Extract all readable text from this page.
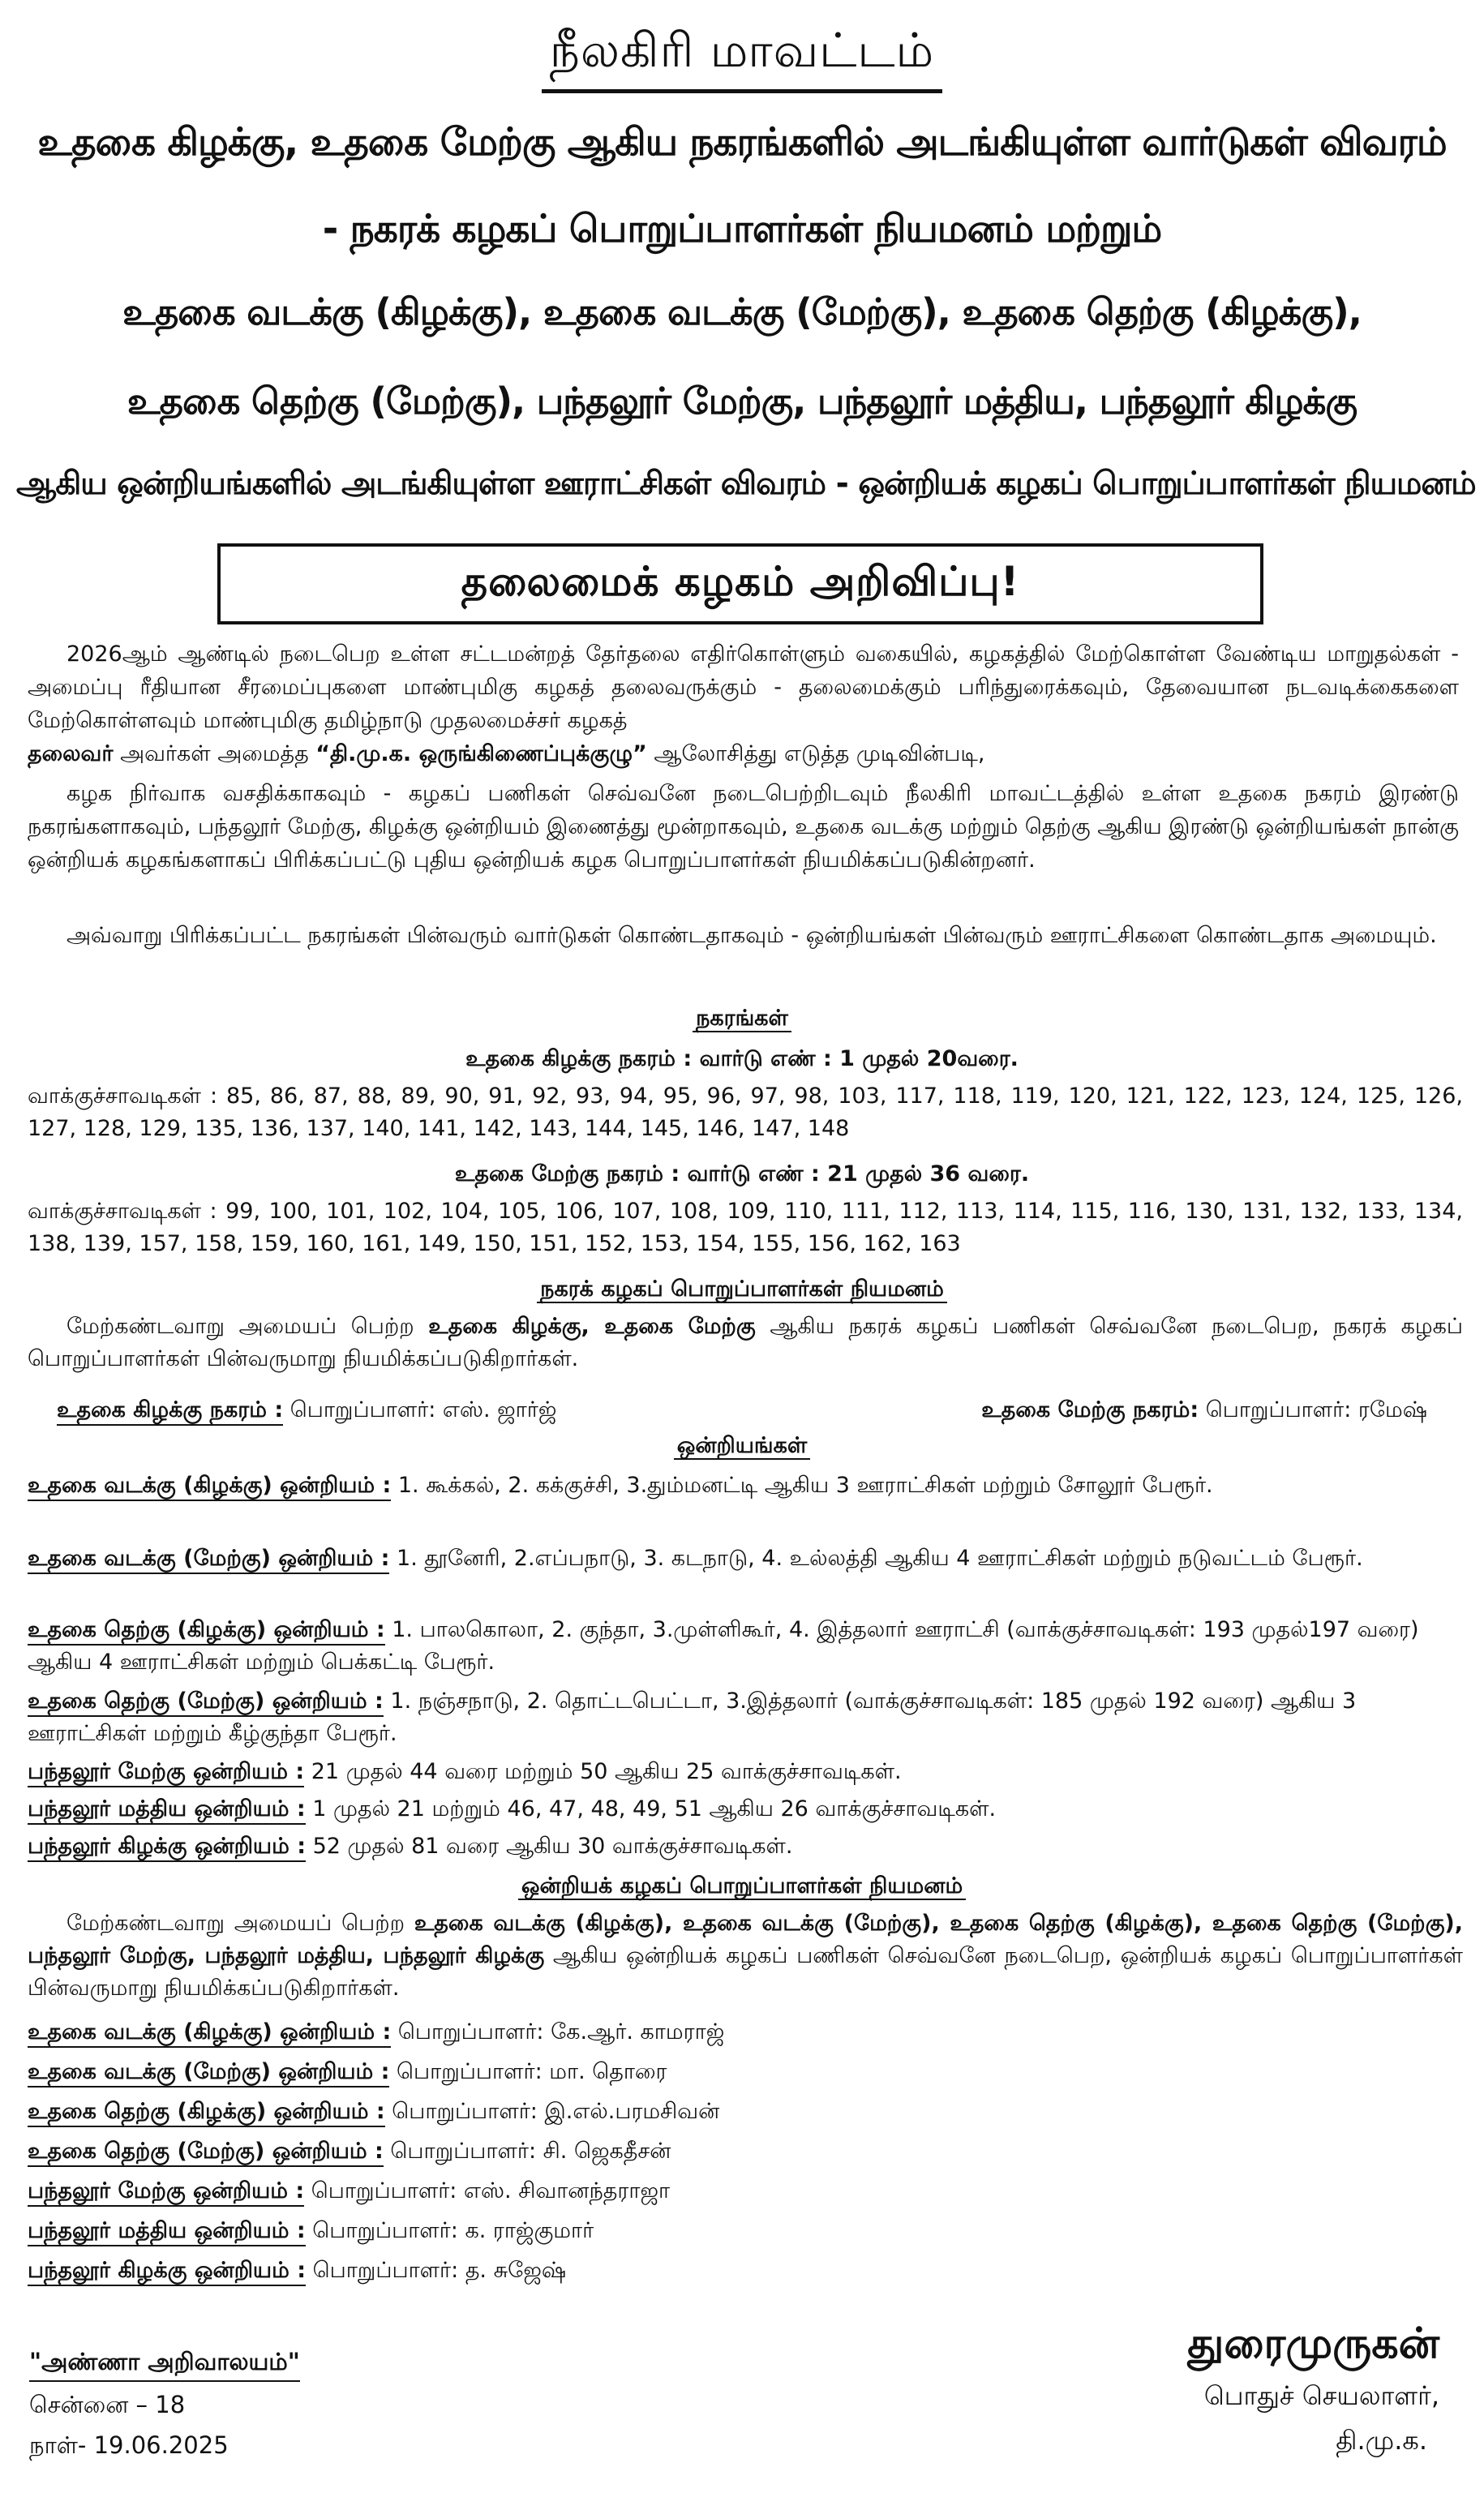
நீலகிரி மாவட்டம்
உதகை கிழக்கு, உதகை மேற்கு ஆகிய நகரங்களில் அடங்கியுள்ள வார்டுகள் விவரம்
- நகரக் கழகப் பொறுப்பாளர்கள் நியமனம் மற்றும்
உதகை வடக்கு (கிழக்கு), உதகை வடக்கு (மேற்கு), உதகை தெற்கு (கிழக்கு),
உதகை தெற்கு (மேற்கு), பந்தலூர் மேற்கு, பந்தலூர் மத்திய, பந்தலூர் கிழக்கு
ஆகிய ஒன்றியங்களில் அடங்கியுள்ள ஊராட்சிகள் விவரம் - ஒன்றியக் கழகப் பொறுப்பாளர்கள் நியமனம்
தலைமைக் கழகம் அறிவிப்பு!
2026ஆம் ஆண்டில் நடைபெற உள்ள சட்டமன்றத் தேர்தலை எதிர்கொள்ளும் வகையில், கழகத்தில் மேற்கொள்ள வேண்டிய மாறுதல்கள் - அமைப்பு ரீதியான சீரமைப்புகளை மாண்புமிகு கழகத் தலைவருக்கும் - தலைமைக்கும் பரிந்துரைக்கவும், தேவையான நடவடிக்கைகளை மேற்கொள்ளவும் மாண்புமிகு தமிழ்நாடு முதலமைச்சர் கழகத்
தலைவர் அவர்கள் அமைத்த “தி.மு.க. ஒருங்கிணைப்புக்குழு” ஆலோசித்து எடுத்த முடிவின்படி,
கழக நிர்வாக வசதிக்காகவும் - கழகப் பணிகள் செவ்வனே நடைபெற்றிடவும் நீலகிரி மாவட்டத்தில் உள்ள உதகை நகரம் இரண்டு நகரங்களாகவும், பந்தலூர் மேற்கு, கிழக்கு ஒன்றியம் இணைத்து மூன்றாகவும், உதகை வடக்கு மற்றும் தெற்கு ஆகிய இரண்டு ஒன்றியங்கள் நான்கு ஒன்றியக் கழகங்களாகப் பிரிக்கப்பட்டு புதிய ஒன்றியக் கழக பொறுப்பாளர்கள் நியமிக்கப்படுகின்றனர்.
அவ்வாறு பிரிக்கப்பட்ட நகரங்கள் பின்வரும் வார்டுகள் கொண்டதாகவும் - ஒன்றியங்கள் பின்வரும் ஊராட்சிகளை கொண்டதாக அமையும்.
நகரங்கள்
உதகை கிழக்கு நகரம் : வார்டு எண் : 1 முதல் 20வரை.
வாக்குச்சாவடிகள் : 85, 86, 87, 88, 89, 90, 91, 92, 93, 94, 95, 96, 97, 98, 103, 117, 118, 119, 120, 121, 122, 123, 124, 125, 126, 127, 128, 129, 135, 136, 137, 140, 141, 142, 143, 144, 145, 146, 147, 148
உதகை மேற்கு நகரம் : வார்டு எண் : 21 முதல் 36 வரை.
வாக்குச்சாவடிகள் : 99, 100, 101, 102, 104, 105, 106, 107, 108, 109, 110, 111, 112, 113, 114, 115, 116, 130, 131, 132, 133, 134, 138, 139, 157, 158, 159, 160, 161, 149, 150, 151, 152, 153, 154, 155, 156, 162, 163
நகரக் கழகப் பொறுப்பாளர்கள் நியமனம்
மேற்கண்டவாறு அமையப் பெற்ற உதகை கிழக்கு, உதகை மேற்கு ஆகிய நகரக் கழகப் பணிகள் செவ்வனே நடைபெற, நகரக் கழகப் பொறுப்பாளர்கள் பின்வருமாறு நியமிக்கப்படுகிறார்கள்.
உதகை கிழக்கு நகரம் : பொறுப்பாளர்: எஸ். ஜார்ஜ்	உதகை மேற்கு நகரம்: பொறுப்பாளர்: ரமேஷ்
ஒன்றியங்கள்
உதகை வடக்கு (கிழக்கு) ஒன்றியம் : 1. கூக்கல், 2. கக்குச்சி, 3.தும்மனட்டி ஆகிய 3 ஊராட்சிகள் மற்றும் சோலூர் பேரூர்.
உதகை வடக்கு (மேற்கு) ஒன்றியம் : 1. தூனேரி, 2.எப்பநாடு, 3. கடநாடு, 4. உல்லத்தி ஆகிய 4 ஊராட்சிகள் மற்றும் நடுவட்டம் பேரூர்.
உதகை தெற்கு (கிழக்கு) ஒன்றியம் : 1. பாலகொலா, 2. குந்தா, 3.முள்ளிகூர், 4. இத்தலார் ஊராட்சி (வாக்குச்சாவடிகள்: 193 முதல்197 வரை) ஆகிய 4 ஊராட்சிகள் மற்றும் பெக்கட்டி பேரூர்.
உதகை தெற்கு (மேற்கு) ஒன்றியம் : 1. நஞ்சநாடு, 2. தொட்டபெட்டா, 3.இத்தலார் (வாக்குச்சாவடிகள்: 185 முதல் 192 வரை) ஆகிய 3 ஊராட்சிகள் மற்றும் கீழ்குந்தா பேரூர்.
பந்தலூர் மேற்கு ஒன்றியம் : 21 முதல் 44 வரை மற்றும் 50 ஆகிய 25 வாக்குச்சாவடிகள்.
பந்தலூர் மத்திய ஒன்றியம் : 1 முதல் 21 மற்றும் 46, 47, 48, 49, 51 ஆகிய 26 வாக்குச்சாவடிகள்.
பந்தலூர் கிழக்கு ஒன்றியம் : 52 முதல் 81 வரை ஆகிய 30 வாக்குச்சாவடிகள்.
ஒன்றியக் கழகப் பொறுப்பாளர்கள் நியமனம்
மேற்கண்டவாறு அமையப் பெற்ற உதகை வடக்கு (கிழக்கு), உதகை வடக்கு (மேற்கு), உதகை தெற்கு (கிழக்கு), உதகை தெற்கு (மேற்கு), பந்தலூர் மேற்கு, பந்தலூர் மத்திய, பந்தலூர் கிழக்கு ஆகிய ஒன்றியக் கழகப் பணிகள் செவ்வனே நடைபெற, ஒன்றியக் கழகப் பொறுப்பாளர்கள் பின்வருமாறு நியமிக்கப்படுகிறார்கள்.
உதகை வடக்கு (கிழக்கு) ஒன்றியம் : பொறுப்பாளர்: கே.ஆர். காமராஜ்
உதகை வடக்கு (மேற்கு) ஒன்றியம் : பொறுப்பாளர்: மா. தொரை
உதகை தெற்கு (கிழக்கு) ஒன்றியம் : பொறுப்பாளர்: இ.எல்.பரமசிவன்
உதகை தெற்கு (மேற்கு) ஒன்றியம் : பொறுப்பாளர்: சி. ஜெகதீசன்
பந்தலூர் மேற்கு ஒன்றியம் : பொறுப்பாளர்: எஸ். சிவானந்தராஜா
பந்தலூர் மத்திய ஒன்றியம் : பொறுப்பாளர்: க. ராஜ்குமார்
பந்தலூர் கிழக்கு ஒன்றியம் : பொறுப்பாளர்: த. சுஜேஷ்
"அண்ணா அறிவாலயம்"
சென்னை – 18
நாள்- 19.06.2025
துரைமுருகன்
பொதுச் செயலாளர்,
தி.மு.க.
